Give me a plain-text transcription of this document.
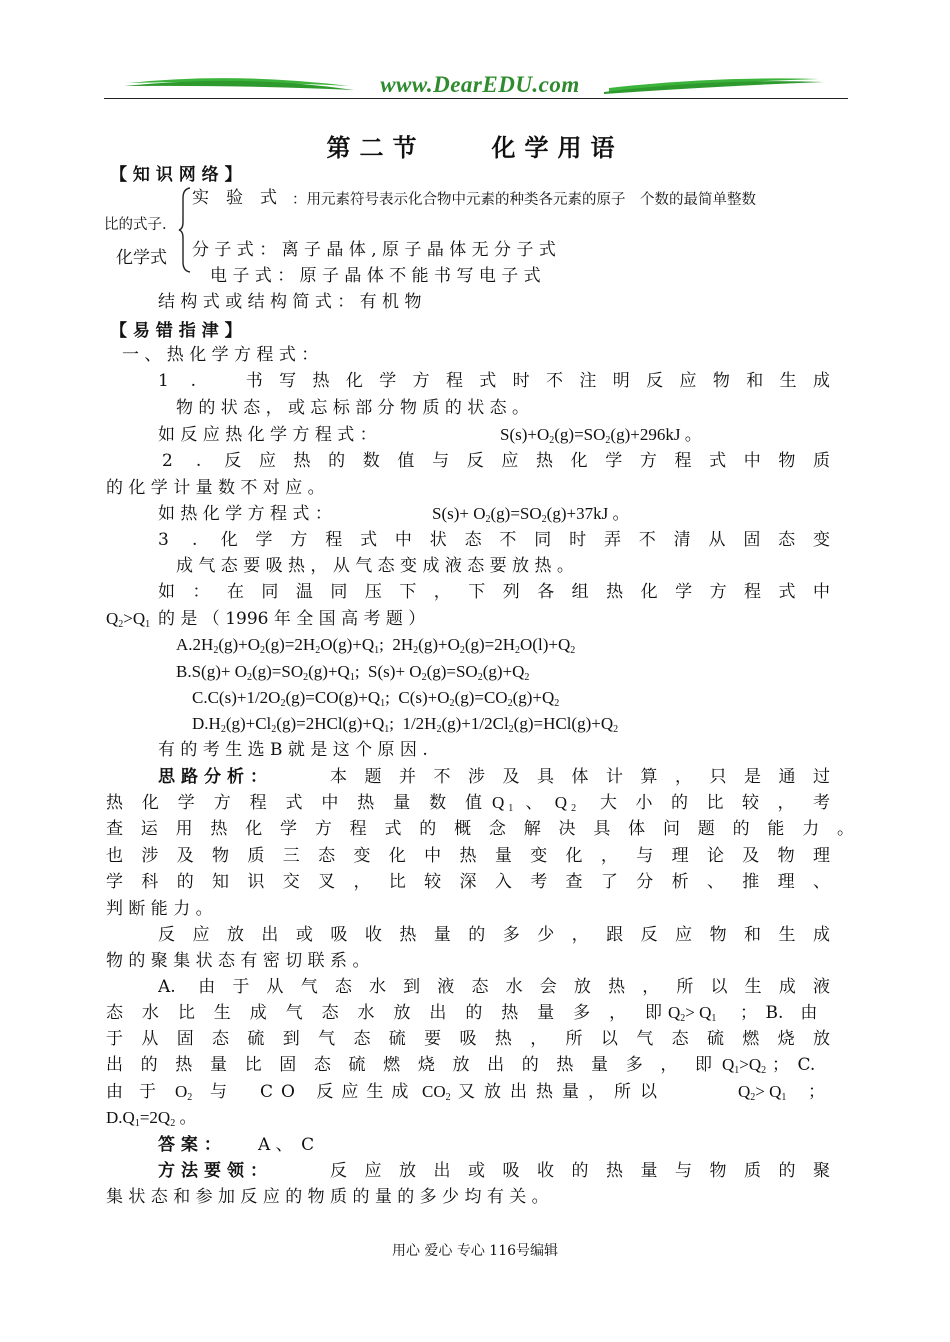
www.DearEDU.com
第二节　　化学用语
【 知 识 网 络 】
实　验　式 ：用元素符号表示化合物中元素的种类各元素的原子　个数的最简单整数
比的式子.
化学式 分 子 式 ： 离 子 晶 体 , 原 子 晶 体 无 分 子 式
电 子 式 ： 原 子 晶 体 不 能 书 写 电 子 式
结 构 式 或 结 构 简 式 ： 有 机 物
【 易 错 指 津 】
一 、 热 化 学 方 程 式 ：
1 .　书写热化学方程式时不注明反应物和生成
物 的 状 态 ， 或 忘 标 部 分 物 质 的 状 态 。
如 反 应 热 化 学 方 程 式 ：	$S(s)+O_2(g)=SO_2(g)+296kJ$ 。
2 . 反应热的数值与反应热化学方程式中物质
的 化 学 计 量 数 不 对 应 。
如 热 化 学 方 程 式 ：	$S(s)+ O_2(g)=SO_2(g)+37kJ$ 。
3 . 化学方程式中状态不同时弄不清从固态变
成 气 态 要 吸 热 ， 从 气 态 变 成 液 态 要 放 热 。
如：在同温同压下，下列各组热化学方程式中
$Q_2>Q_1$ 的 是 （ 1996 年 全 国 高 考 题 ）
$A.2H_2(g)+O_2(g)=2H_2O(g)+Q_1$;  $2H_2(g)+O_2(g)=2H_2O(l)+Q_2$
$B.S(g)+ O_2(g)=SO_2(g)+Q_1$;  $S(s)+ O_2(g)=SO_2(g)+Q_2$
$C.C(s)+1/2O_2(g)=CO(g)+Q_1$;  $C(s)+O_2(g)=CO_2(g)+Q_2$
$D.H_2(g)+Cl_2(g)=2HCl(g)+Q_1$;  $1/2H_2(g)+1/2Cl_2(g)=HCl(g)+Q_2$
有 的 考 生 选 B 就 是 这 个 原 因 .
思路分析：	本题并不涉及具体计算，只是通过
热化学方程式中热量数值 $Q_1$ 、 $Q_2$ 大小的比较，考
查运用热化学方程式的概念解决具体问题的能力。
也涉及物质三态变化中热量变化，与理论及物理
学科的知识交叉，比较深入考查了分析、推理、
判 断 能 力 。
反应放出或吸收热量的多少，跟反应物和生成
物 的 聚 集 状 态 有 密 切 联 系 。
A. 由于从气态水到液态水会放热，所以生成液
态水比生成气态水放出的热量多，即 $Q_2> Q_1$ ；　B.　由
于从固态硫到气态硫要吸热，所以气态硫燃烧放
出的热量比固态硫燃烧放出的热量多，即 $Q_1>Q_2$ ；　C.
由于 $O_2$ 与　CO 反应生成 $CO_2$ 又放出热量，所以	$Q_2> Q_1$ ；
$D.Q_1=2Q_2$ 。
答 案 ： A 、　C
方法要领：	反应放出或吸收的热量与物质的聚
集 状 态 和 参 加 反 应 的 物 质 的 量 的 多 少 均 有 关 。
用心 爱心 专心 116号编辑
